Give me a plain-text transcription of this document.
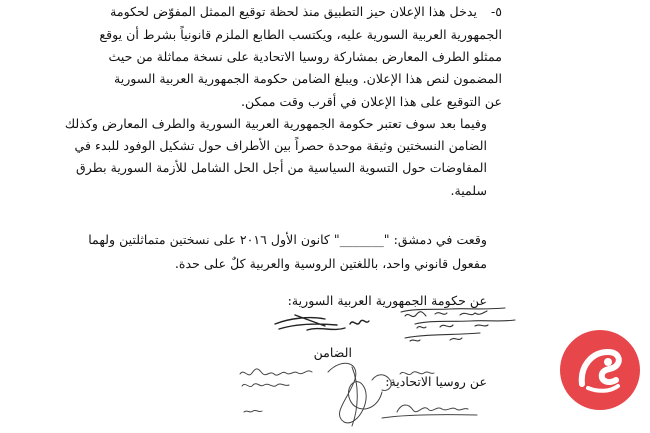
٥-
يدخل هذا الإعلان حيز التطبيق منذ لحظة توقيع الممثل المفوّض لحكومة

الجمهورية العربية السورية عليه، ويكتسب الطابع الملزم قانونياً بشرط أن يوقع

ممثلو الطرف المعارض بمشاركة روسيا الاتحادية على نسخة مماثلة من حيث

المضمون لنص هذا الإعلان. ويبلغ الضامن حكومة الجمهورية العربية السورية

عن التوقيع على هذا الإعلان في أقرب وقت ممكن.

وفيما بعد سوف تعتبر حكومة الجمهورية العربية السورية والطرف المعارض وكذلك

الضامن النسختين وثيقة موحدة حصراً بين الأطراف حول تشكيل الوفود للبدء في

المفاوضات حول التسوية السياسية من أجل الحل الشامل للأزمة السورية بطرق

سلمية.

وقعت في دمشق: "_______" كانون الأول ٢٠١٦ على نسختين متماثلتين ولهما

مفعول قانوني واحد، باللغتين الروسية والعربية كلٌ على حدة.

عن حكومة الجمهورية العربية السورية:

الضامن

عن روسيا الاتحادية:
